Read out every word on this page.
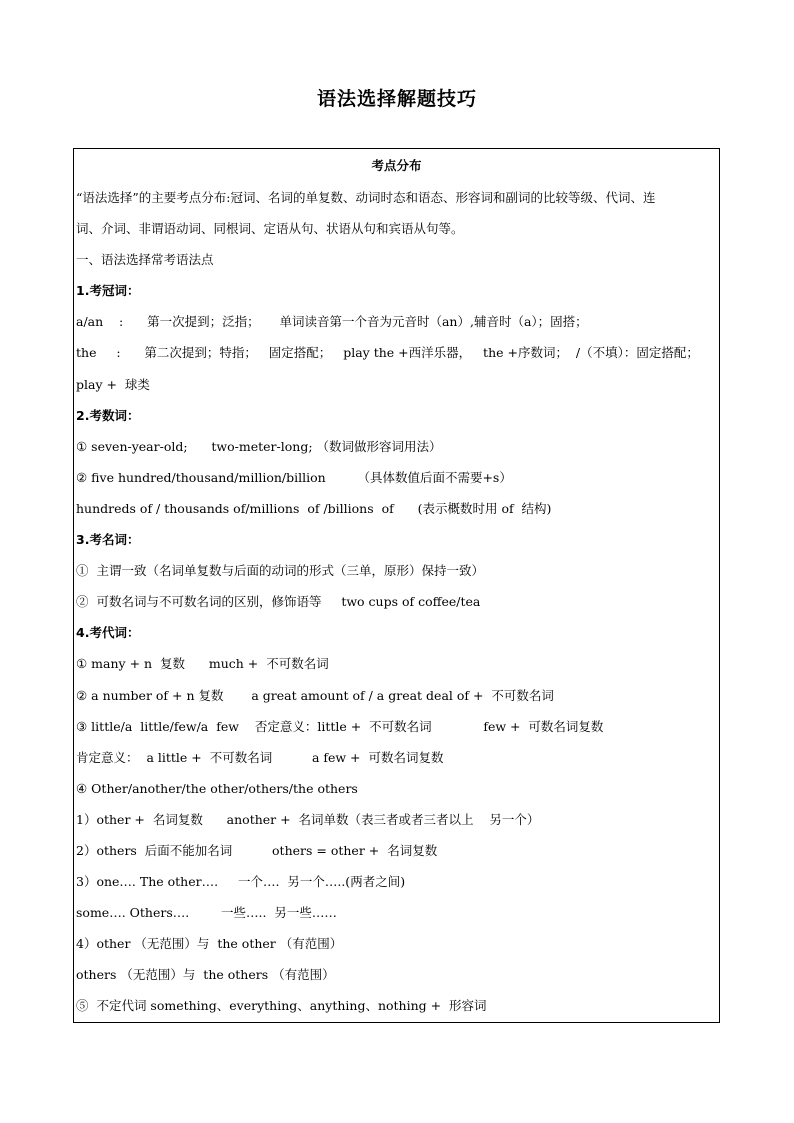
语法选择解题技巧
考点分布
“语法选择”的主要考点分布:冠词、名词的单复数、动词时态和语态、形容词和副词的比较等级、代词、连
词、介词、非谓语动词、同根词、定语从句、状语从句和宾语从句等。
一、语法选择常考语法点
1.考冠词：
a/an    :      第一次提到；泛指；     单词读音第一个音为元音时（an）,辅音时（a）；固搭；
the     :      第二次提到；特指；   固定搭配；   play the +西洋乐器，   the +序数词；  /（不填）：固定搭配；
play +  球类
2.考数词：
① seven-year-old;      two-meter-long; （数词做形容词用法）
② five hundred/thousand/million/billion        （具体数值后面不需要+s）
hundreds of / thousands of/millions  of /billions  of      (表示概数时用 of  结构)
3.考名词：
①  主谓一致（名词单复数与后面的动词的形式（三单，原形）保持一致）
②  可数名词与不可数名词的区别，修饰语等     two cups of coffee/tea
4.考代词：
① many + n  复数      much +  不可数名词
② a number of + n 复数       a great amount of / a great deal of +  不可数名词
③ little/a  little/few/a  few    否定意义：little +  不可数名词             few +  可数名词复数
肯定意义：  a little +  不可数名词          a few +  可数名词复数
④ Other/another/the other/others/the others
1）other +  名词复数      another +  名词单数（表三者或者三者以上    另一个）
2）others  后面不能加名词          others = other +  名词复数
3）one…. The other….     一个….  另一个…..(两者之间)
some…. Others….        一些…..  另一些……
4）other （无范围）与  the other （有范围）
others （无范围）与  the others （有范围）
⑤  不定代词 something、everything、anything、nothing +  形容词
